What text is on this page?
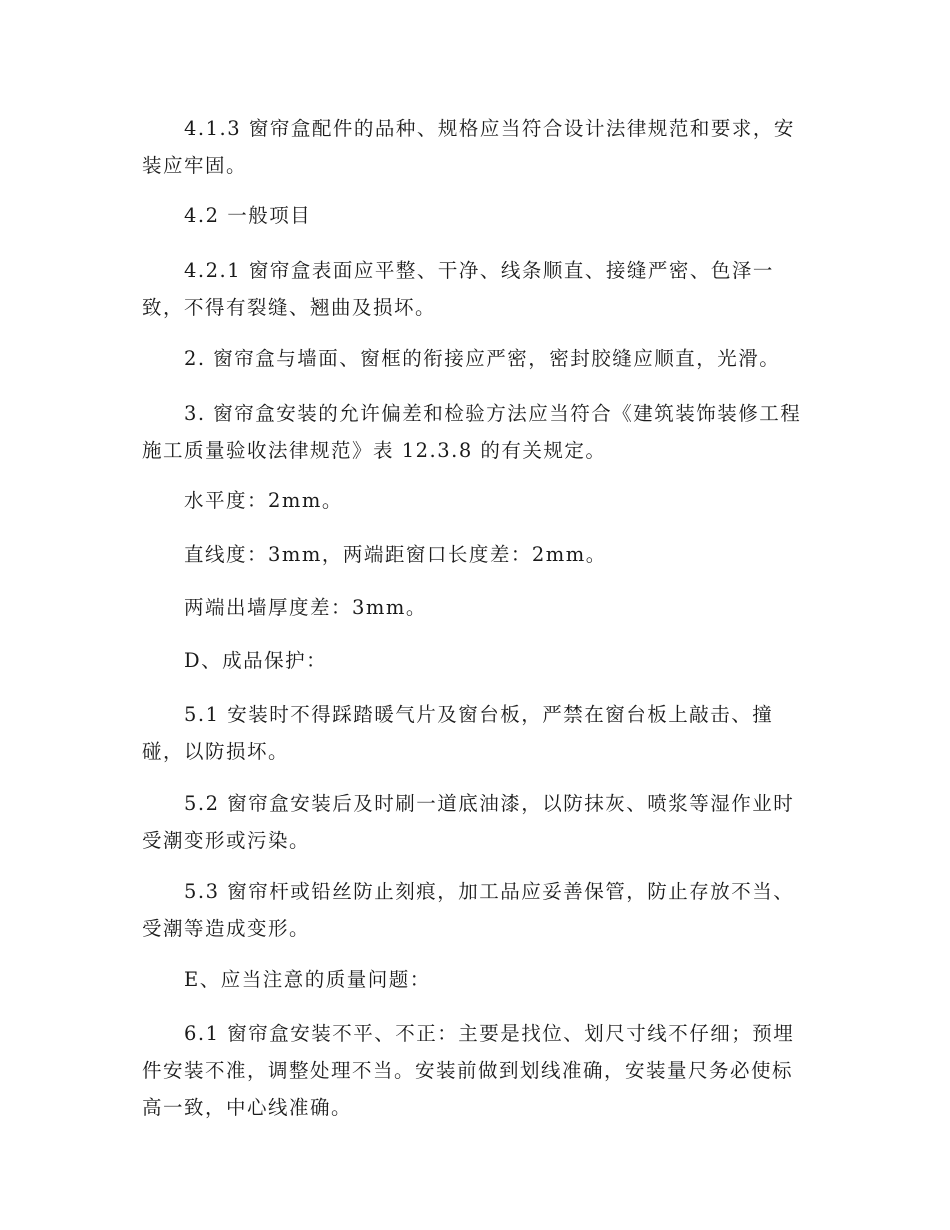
4.1.3 窗帘盒配件的品种、规格应当符合设计法律规范和要求，安装应牢固。

4.2 一般项目

4.2.1 窗帘盒表面应平整、干净、线条顺直、接缝严密、色泽一致，不得有裂缝、翘曲及损坏。

2. 窗帘盒与墙面、窗框的衔接应严密，密封胶缝应顺直，光滑。

3. 窗帘盒安装的允许偏差和检验方法应当符合《建筑装饰装修工程施工质量验收法律规范》表 12.3.8 的有关规定。

水平度：2mm。

直线度：3mm，两端距窗口长度差：2mm。

两端出墙厚度差：3mm。

D、成品保护：

5.1 安装时不得踩踏暖气片及窗台板，严禁在窗台板上敲击、撞碰，以防损坏。

5.2 窗帘盒安装后及时刷一道底油漆，以防抹灰、喷浆等湿作业时受潮变形或污染。

5.3 窗帘杆或铅丝防止刻痕，加工品应妥善保管，防止存放不当、受潮等造成变形。

E、应当注意的质量问题：

6.1 窗帘盒安装不平、不正：主要是找位、划尺寸线不仔细；预埋件安装不准，调整处理不当。安装前做到划线准确，安装量尺务必使标高一致，中心线准确。
